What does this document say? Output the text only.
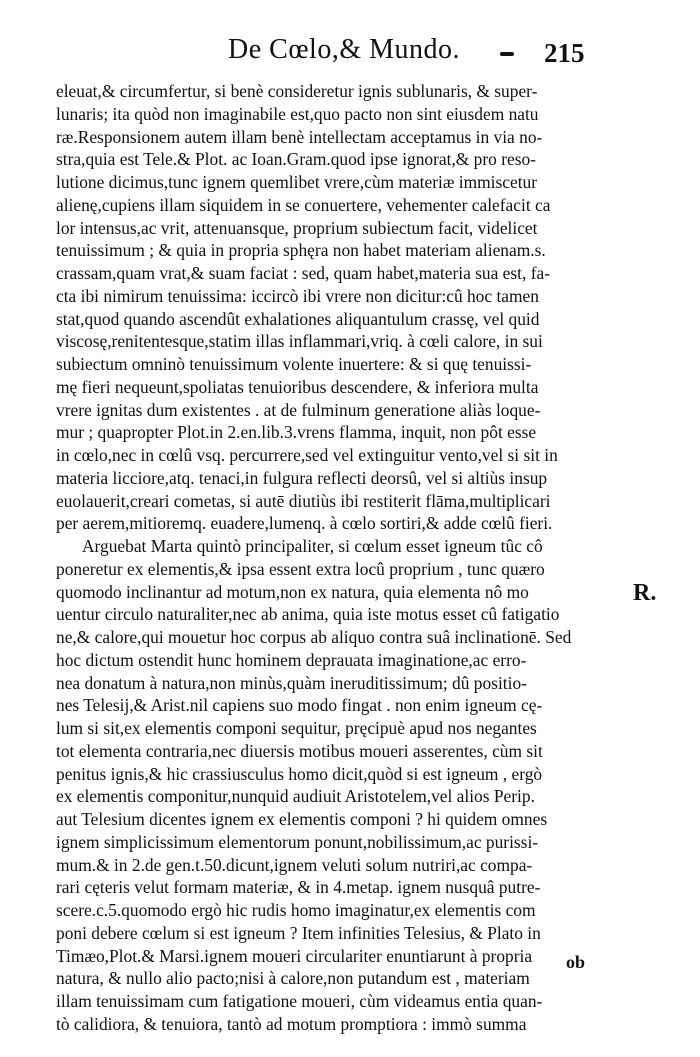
De Cœlo,& Mundo.	215
eleuat,& circumfertur, si benè consideretur ignis sublunaris, & super-
lunaris; ita quòd non imaginabile est,quo pacto non sint eiusdem natu
ræ.Responsionem autem illam benè intellectam acceptamus in via no-
stra,quia est Tele.& Plot. ac Ioan.Gram.quod ipse ignorat,& pro reso-
lutione dicimus,tunc ignem quemlibet vrere,cùm materiæ immiscetur
alienę,cupiens illam siquidem in se conuertere, vehementer calefacit ca
lor intensus,ac vrit, attenuansque, proprium subiectum facit, videlicet
tenuissimum ; & quia in propria sphęra non habet materiam alienam.s.
crassam,quam vrat,& suam faciat : sed, quam habet,materia sua est, fa-
cta ibi nimirum tenuissima: iccircò ibi vrere non dicitur:cû hoc tamen
stat,quod quando ascendût exhalationes aliquantulum crassę, vel quid
viscosę,renitentesque,statim illas inflammari,vriq. à cœli calore, in sui
subiectum omninò tenuissimum volente inuertere: & si quę tenuissi-
mę fieri nequeunt,spoliatas tenuioribus descendere, & inferiora multa
vrere ignitas dum existentes . at de fulminum generatione aliàs loque-
mur ; quapropter Plot.in 2.en.lib.3.vrens flamma, inquit, non pôt esse
in cœlo,nec in cœlû vsq. percurrere,sed vel extinguitur vento,vel si sit in
materia licciore,atq. tenaci,in fulgura reflecti deorsû, vel si altiùs insup
euolauerit,creari cometas, si autē diutiùs ibi restiterit flāma,multiplicari
per aerem,mitioremq. euadere,lumenq. à cœlo sortiri,& adde cœlû fieri.
Arguebat Marta quintò principaliter, si cœlum esset igneum tûc cô
poneretur ex elementis,& ipsa essent extra locû proprium , tunc quæro
quomodo inclinantur ad motum,non ex natura, quia elementa nô mo
uentur circulo naturaliter,nec ab anima, quia iste motus esset cû fatigatio
ne,& calore,qui mouetur hoc corpus ab aliquo contra suâ inclinationē. Sed
hoc dictum ostendit hunc hominem deprauata imaginatione,ac erro-
nea donatum à natura,non minùs,quàm ineruditissimum; dû positio-
nes Telesij,& Arist.nil capiens suo modo fingat . non enim igneum cę-
lum si sit,ex elementis componi sequitur, pręcipuè apud nos negantes
tot elementa contraria,nec diuersis motibus moueri asserentes, cùm sit
penitus ignis,& hic crassiusculus homo dicit,quòd si est igneum , ergò
ex elementis componitur,nunquid audiuit Aristotelem,vel alios Perip.
aut Telesium dicentes ignem ex elementis componi ? hi quidem omnes
ignem simplicissimum elementorum ponunt,nobilissimum,ac purissi-
mum.& in 2.de gen.t.50.dicunt,ignem veluti solum nutriri,ac compa-
rari cęteris velut formam materiæ, & in 4.metap. ignem nusquâ putre-
scere.c.5.quomodo ergò hic rudis homo imaginatur,ex elementis com
poni debere cœlum si est igneum ? Item infinities Telesius, & Plato in
Timæo,Plot.& Marsi.ignem moueri circulariter enuntiarunt à propria
natura, & nullo alio pacto;nisi à calore,non putandum est , materiam
illam tenuissimam cum fatigatione moueri, cùm videamus entia quan-
tò calidiora, & tenuiora, tantò ad motum promptiora : immò summa
R.
ob
